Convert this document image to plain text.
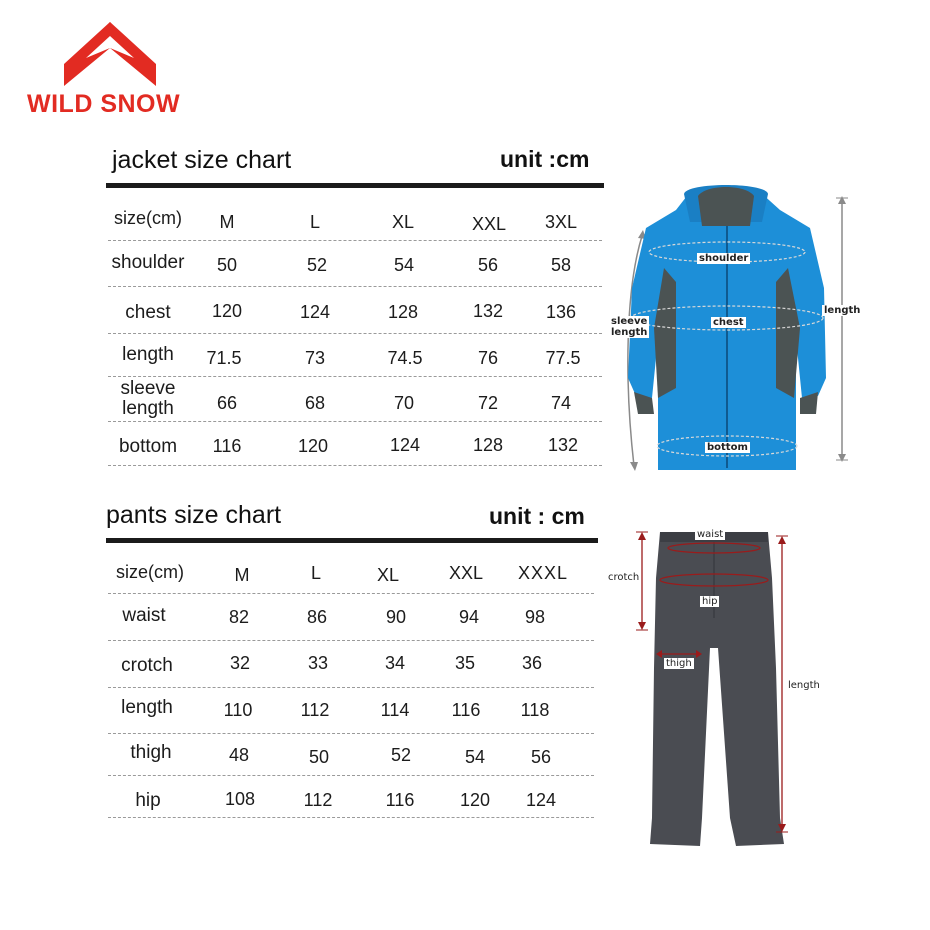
WILD SNOW
jacket size chart	unit :cm
size(cm)	M	L	XL	XXL	3XL
shoulder	50	52	54	56	58
chest	120	124	128	132	136
length	71.5	73	74.5	76	77.5
sleeve
length	66	68	70	72	74
bottom	116	120	124	128	132
shoulder
chest
bottom
length
sleeve
length
pants size chart	unit : cm
size(cm)	M	L	XL	XXL	XXXL
waist	82	86	90	94	98
crotch	32	33	34	35	36
length	110	112	114	116	118
thigh	48	50	52	54	56
hip	108	112	116	120	124
waist
crotch
hip
thigh
length
